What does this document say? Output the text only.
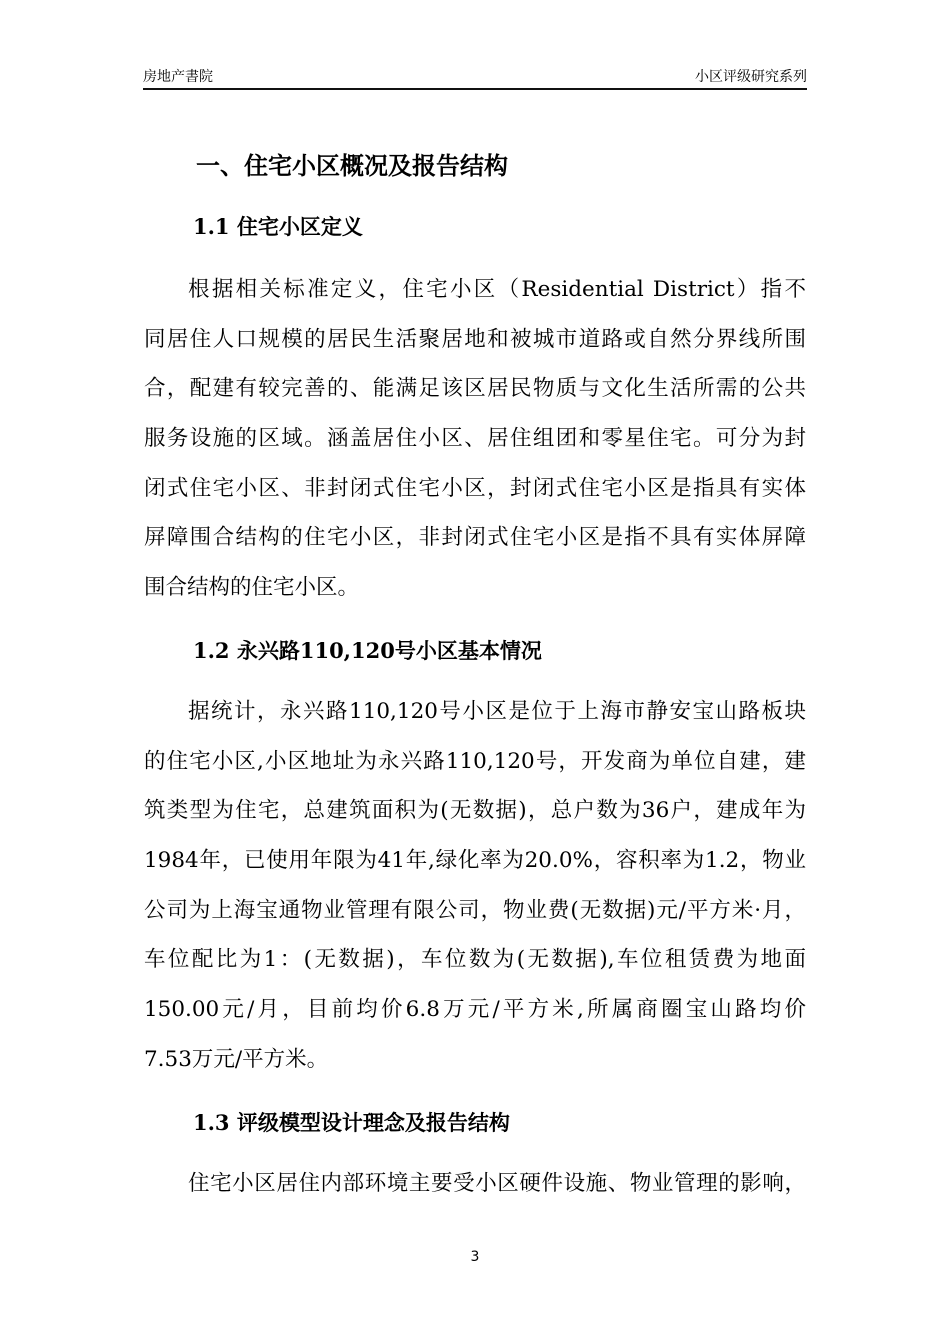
房地产書院	小区评级研究系列
一、住宅小区概况及报告结构
1.1 住宅小区定义
根据相关标准定义，住宅小区（Residential District）指不
同居住人口规模的居民生活聚居地和被城市道路或自然分界线所围
合，配建有较完善的、能满足该区居民物质与文化生活所需的公共
服务设施的区域。涵盖居住小区、居住组团和零星住宅。可分为封
闭式住宅小区、非封闭式住宅小区，封闭式住宅小区是指具有实体
屏障围合结构的住宅小区，非封闭式住宅小区是指不具有实体屏障
围合结构的住宅小区。
1.2 永兴路110,120号小区基本情况
据统计，永兴路110,120号小区是位于上海市静安宝山路板块
的住宅小区,小区地址为永兴路110,120号，开发商为单位自建，建
筑类型为住宅，总建筑面积为(无数据)，总户数为36户，建成年为
1984年，已使用年限为41年,绿化率为20.0%，容积率为1.2，物业
公司为上海宝通物业管理有限公司，物业费(无数据)元/平方米·月，
车位配比为1：(无数据)，车位数为(无数据),车位租赁费为地面
150.00元/月，目前均价6.8万元/平方米,所属商圈宝山路均价
7.53万元/平方米。
1.3 评级模型设计理念及报告结构
住宅小区居住内部环境主要受小区硬件设施、物业管理的影响，
3
